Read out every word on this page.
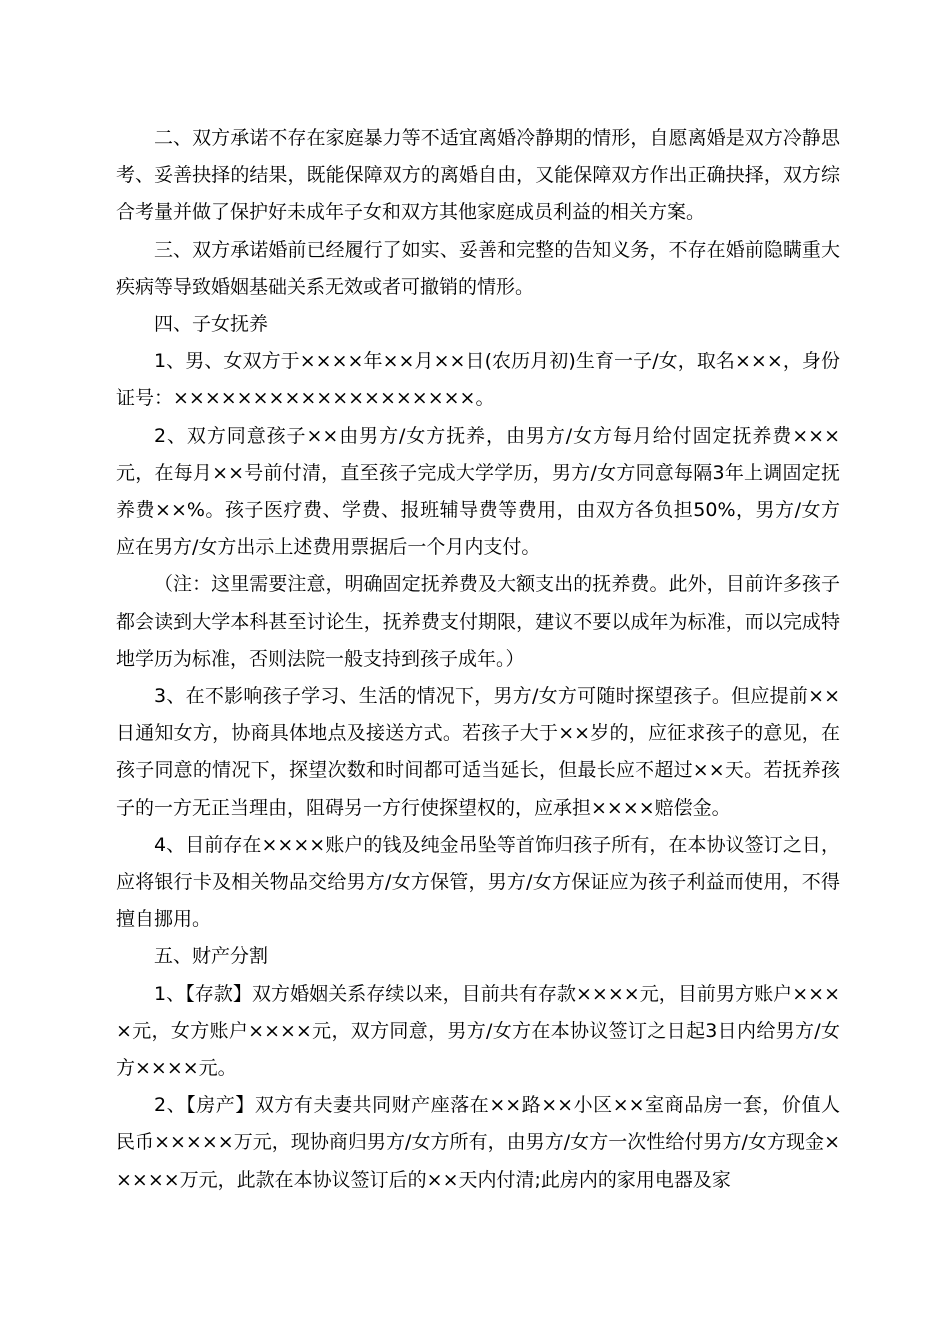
二、双方承诺不存在家庭暴力等不适宜离婚冷静期的情形，自愿离婚是双方冷静思考、妥善抉择的结果，既能保障双方的离婚自由，又能保障双方作出正确抉择，双方综合考量并做了保护好未成年子女和双方其他家庭成员利益的相关方案。

三、双方承诺婚前已经履行了如实、妥善和完整的告知义务，不存在婚前隐瞒重大疾病等导致婚姻基础关系无效或者可撤销的情形。

四、子女抚养

1、男、女双方于××××年××月××日(农历月初)生育一子/女，取名×××，身份证号：×××××××××××××××××××。

2、双方同意孩子××由男方/女方抚养，由男方/女方每月给付固定抚养费×××元，在每月××号前付清，直至孩子完成大学学历，男方/女方同意每隔3年上调固定抚养费××%。孩子医疗费、学费、报班辅导费等费用，由双方各负担50%，男方/女方应在男方/女方出示上述费用票据后一个月内支付。

（注：这里需要注意，明确固定抚养费及大额支出的抚养费。此外，目前许多孩子都会读到大学本科甚至讨论生，抚养费支付期限，建议不要以成年为标准，而以完成特地学历为标准，否则法院一般支持到孩子成年。）

3、在不影响孩子学习、生活的情况下，男方/女方可随时探望孩子。但应提前××日通知女方，协商具体地点及接送方式。若孩子大于××岁的，应征求孩子的意见，在孩子同意的情况下，探望次数和时间都可适当延长，但最长应不超过××天。若抚养孩子的一方无正当理由，阻碍另一方行使探望权的，应承担××××赔偿金。

4、目前存在××××账户的钱及纯金吊坠等首饰归孩子所有，在本协议签订之日，应将银行卡及相关物品交给男方/女方保管，男方/女方保证应为孩子利益而使用，不得擅自挪用。

五、财产分割

1、【存款】双方婚姻关系存续以来，目前共有存款××××元，目前男方账户××××元，女方账户××××元，双方同意，男方/女方在本协议签订之日起3日内给男方/女方××××元。

2、【房产】双方有夫妻共同财产座落在××路××小区××室商品房一套，价值人民币×××××万元，现协商归男方/女方所有，由男方/女方一次性给付男方/女方现金×××××万元，此款在本协议签订后的××天内付清;此房内的家用电器及家
